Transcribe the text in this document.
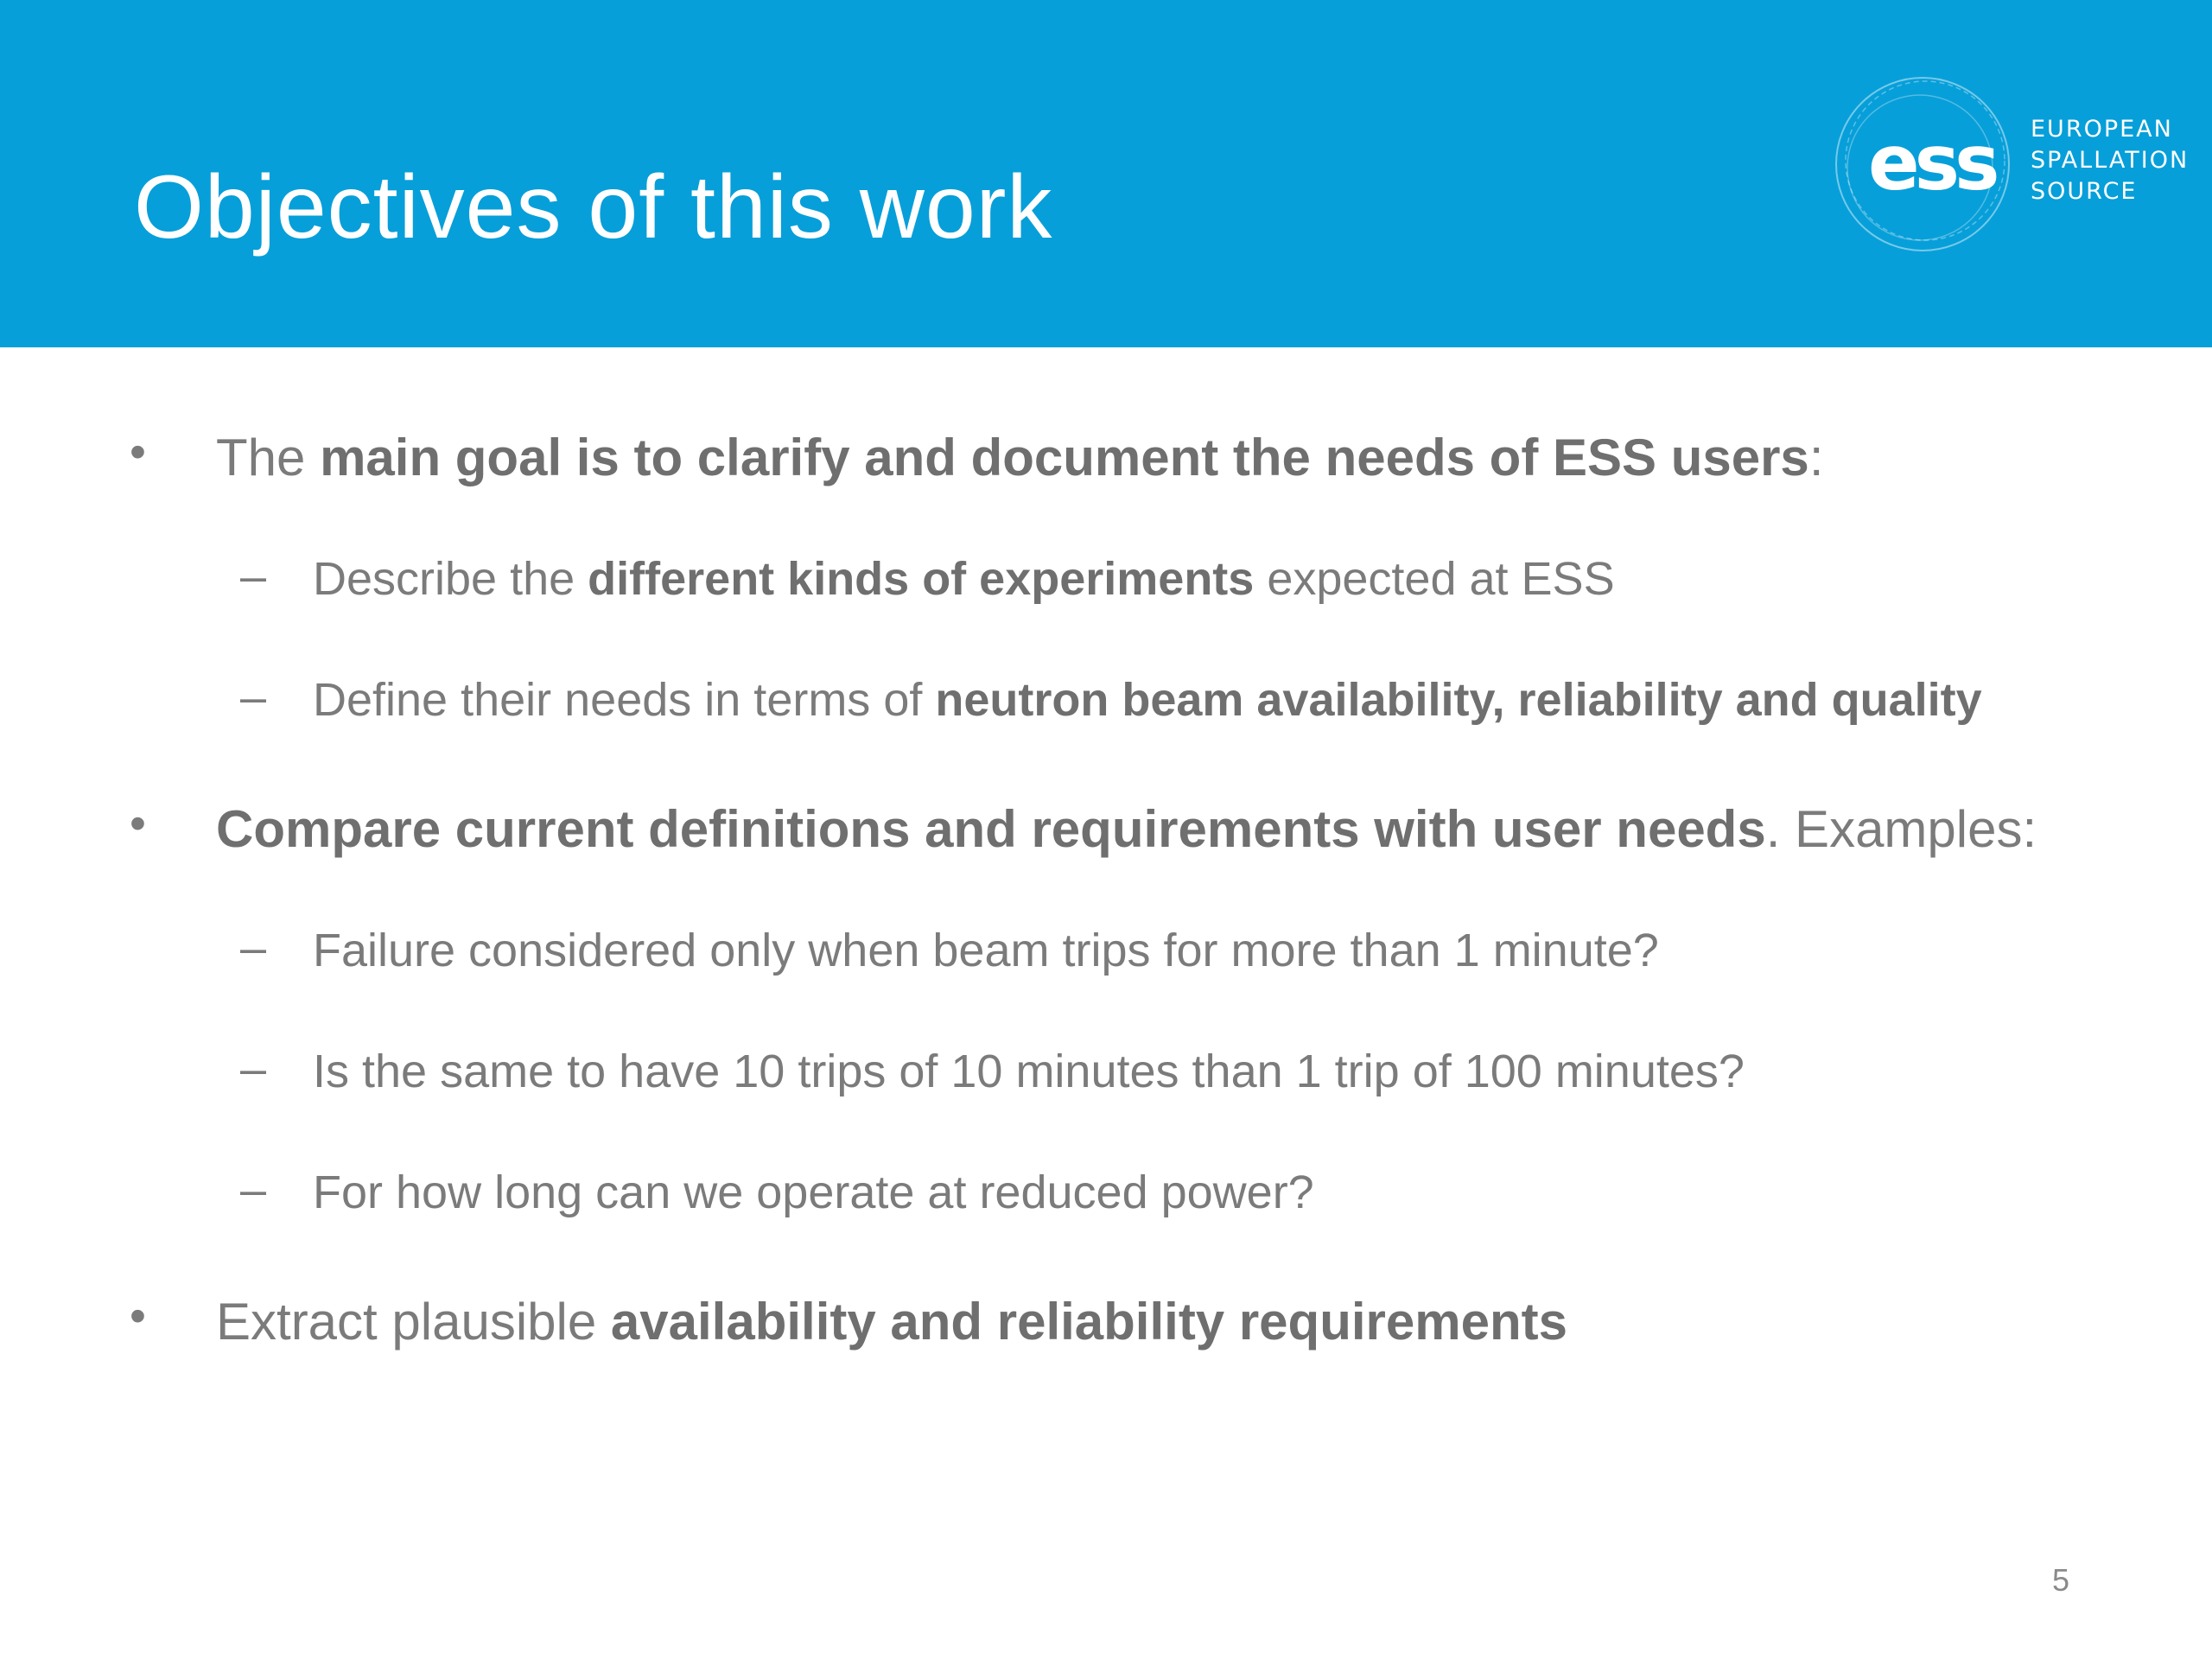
Objectives of this work	ess EUROPEAN
SPALLATION
SOURCE
• The main goal is to clarify and document the needs of ESS users:
– Describe the different kinds of experiments expected at ESS
– Define their needs in terms of neutron beam availability, reliability and quality
• Compare current definitions and requirements with user needs. Examples:
– Failure considered only when beam trips for more than 1 minute?
– Is the same to have 10 trips of 10 minutes than 1 trip of 100 minutes?
– For how long can we operate at reduced power?
• Extract plausible availability and reliability requirements
5
